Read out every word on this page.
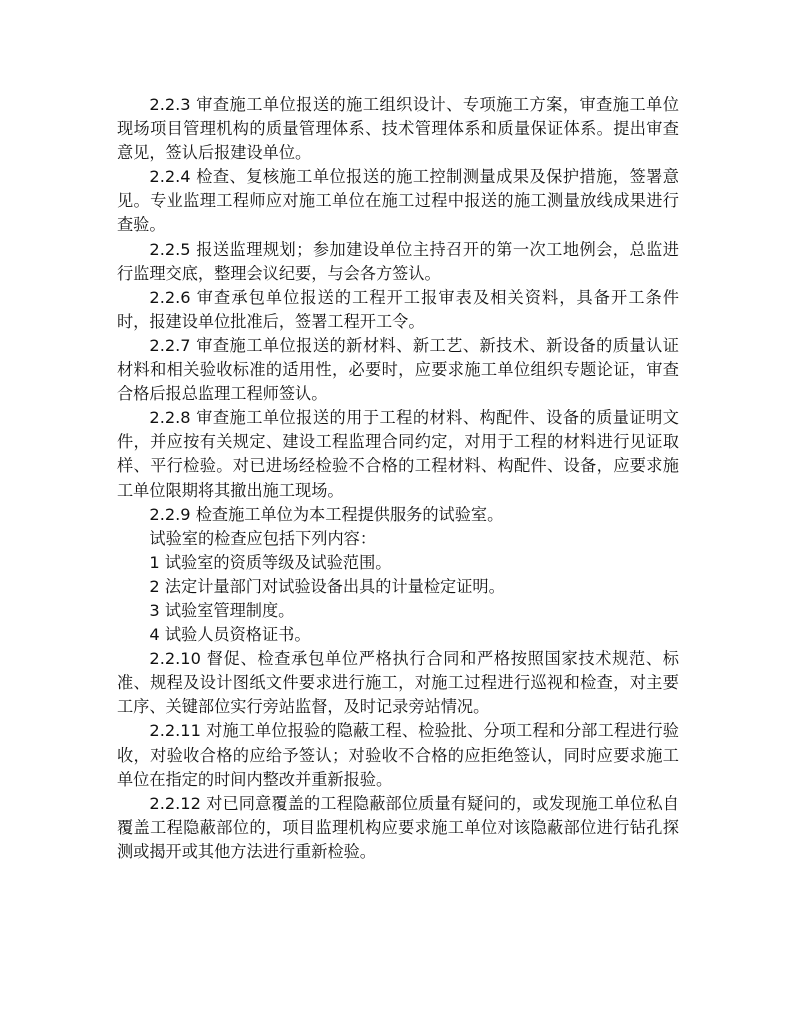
2.2.3 审查施工单位报送的施工组织设计、专项施工方案，审查施工单位现场项目管理机构的质量管理体系、技术管理体系和质量保证体系。提出审查意见，签认后报建设单位。

2.2.4 检查、复核施工单位报送的施工控制测量成果及保护措施，签署意见。专业监理工程师应对施工单位在施工过程中报送的施工测量放线成果进行查验。

2.2.5 报送监理规划；参加建设单位主持召开的第一次工地例会，总监进行监理交底，整理会议纪要，与会各方签认。

2.2.6 审查承包单位报送的工程开工报审表及相关资料，具备开工条件时，报建设单位批准后，签署工程开工令。

2.2.7 审查施工单位报送的新材料、新工艺、新技术、新设备的质量认证材料和相关验收标准的适用性，必要时，应要求施工单位组织专题论证，审查合格后报总监理工程师签认。

2.2.8 审查施工单位报送的用于工程的材料、构配件、设备的质量证明文件，并应按有关规定、建设工程监理合同约定，对用于工程的材料进行见证取样、平行检验。对已进场经检验不合格的工程材料、构配件、设备，应要求施工单位限期将其撤出施工现场。

2.2.9 检查施工单位为本工程提供服务的试验室。

试验室的检查应包括下列内容：

1 试验室的资质等级及试验范围。

2 法定计量部门对试验设备出具的计量检定证明。

3 试验室管理制度。

4 试验人员资格证书。

2.2.10 督促、检查承包单位严格执行合同和严格按照国家技术规范、标准、规程及设计图纸文件要求进行施工，对施工过程进行巡视和检查，对主要工序、关键部位实行旁站监督，及时记录旁站情况。

2.2.11 对施工单位报验的隐蔽工程、检验批、分项工程和分部工程进行验收，对验收合格的应给予签认；对验收不合格的应拒绝签认，同时应要求施工单位在指定的时间内整改并重新报验。

2.2.12 对已同意覆盖的工程隐蔽部位质量有疑问的，或发现施工单位私自覆盖工程隐蔽部位的，项目监理机构应要求施工单位对该隐蔽部位进行钻孔探测或揭开或其他方法进行重新检验。
